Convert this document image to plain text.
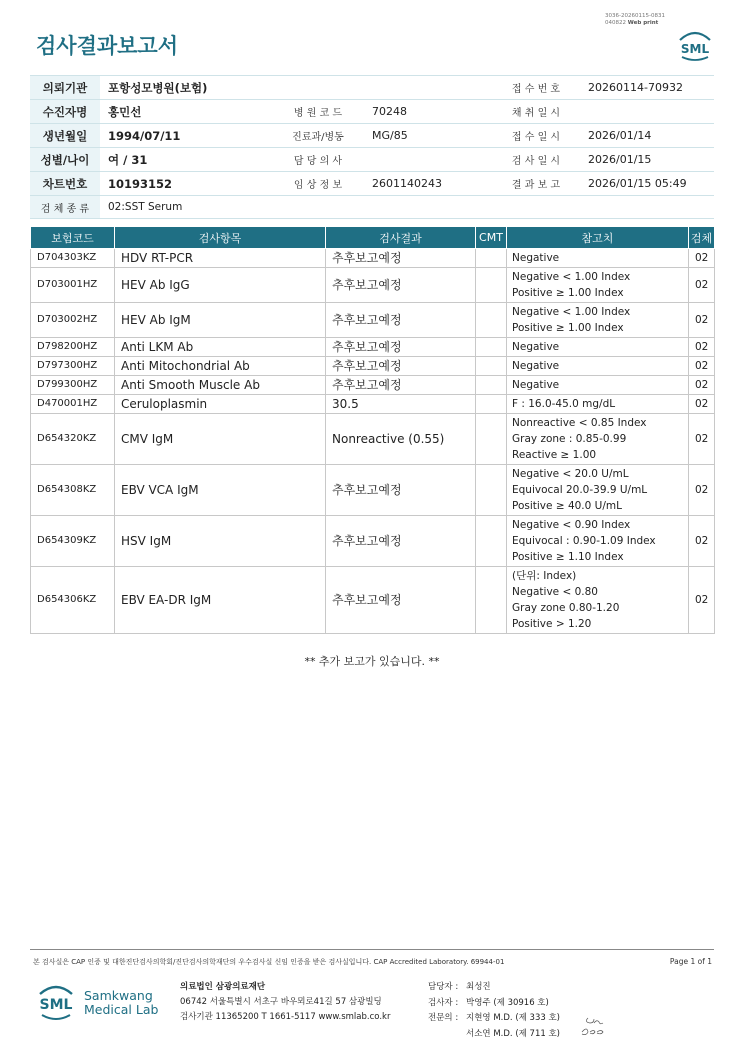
검사결과보고서
3036-20260115-0831
040822 Web print
SML
의뢰기관	포항성모병원(보험)			접 수 번 호	20260114-70932
수진자명	홍민선	병 원 코 드	70248	채 취 일 시	
생년월일	1994/07/11	진료과/병동	MG/85	접 수 일 시	2026/01/14
성별/나이	여 / 31	담 당 의 사		검 사 일 시	2026/01/15
차트번호	10193152	임 상 정 보	2601140243	결 과 보 고	2026/01/15 05:49
검 체 종 류	02:SST Serum				
보험코드	검사항목	검사결과	CMT	참고치	검체
D704303KZ	HDV RT-PCR	추후보고예정		Negative	02
D703001HZ	HEV Ab IgG	추후보고예정		Negative < 1.00 Index
Positive ≥ 1.00 Index	02
D703002HZ	HEV Ab IgM	추후보고예정		Negative < 1.00 Index
Positive ≥ 1.00 Index	02
D798200HZ	Anti LKM Ab	추후보고예정		Negative	02
D797300HZ	Anti Mitochondrial Ab	추후보고예정		Negative	02
D799300HZ	Anti Smooth Muscle Ab	추후보고예정		Negative	02
D470001HZ	Ceruloplasmin	30.5		F : 16.0-45.0 mg/dL	02
D654320KZ	CMV IgM	Nonreactive (0.55)		Nonreactive < 0.85 Index
Gray zone : 0.85-0.99
Reactive ≥ 1.00	02
D654308KZ	EBV VCA IgM	추후보고예정		Negative < 20.0 U/mL
Equivocal 20.0-39.9 U/mL
Positive ≥ 40.0 U/mL	02
D654309KZ	HSV IgM	추후보고예정		Negative < 0.90 Index
Equivocal : 0.90-1.09 Index
Positive ≥ 1.10 Index	02
D654306KZ	EBV EA-DR IgM	추후보고예정		(단위: Index)
Negative < 0.80
Gray zone 0.80-1.20
Positive > 1.20	02
** 추가 보고가 있습니다. **
본 검사실은 CAP 인증 및 대한진단검사의학회/진단검사의학재단의 우수검사실 신임 인증을 받은 검사실입니다. CAP Accredited Laboratory. 69944-01	Page 1 of 1
SML
Samkwang
Medical Lab
의료법인 삼광의료재단
06742 서울특별시 서초구 바우뫼로41길 57 삼광빌딩
검사기관 11365200 T 1661-5117 www.smlab.co.kr
담당자 : 최성진
검사자 : 박영주 (제 30916 호)
전문의 : 지현영 M.D. (제 333 호)
서소연 M.D. (제 711 호)
